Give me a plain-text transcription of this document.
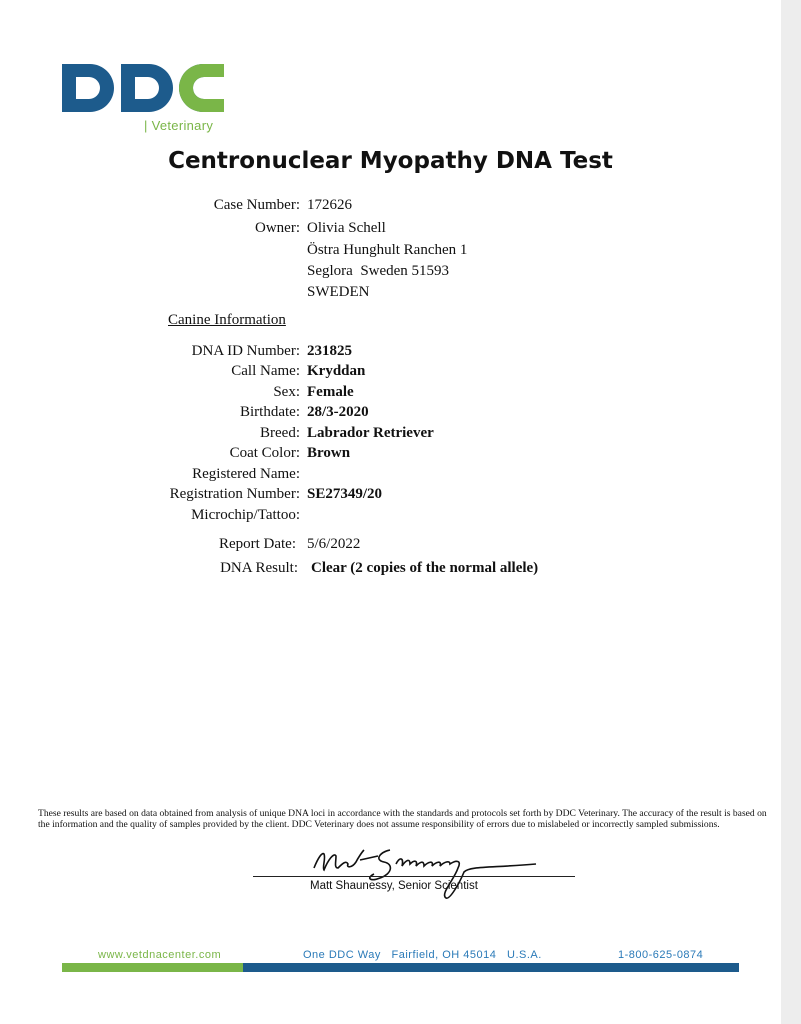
| Veterinary
Centronuclear Myopathy DNA Test
Case Number: 172626
Owner: Olivia Schell
Östra Hunghult Ranchen 1
Seglora  Sweden 51593
SWEDEN
Canine Information
DNA ID Number: 231825
Call Name: Kryddan
Sex: Female
Birthdate: 28/3-2020
Breed: Labrador Retriever
Coat Color: Brown
Registered Name:
Registration Number: SE27349/20
Microchip/Tattoo:
Report Date: 5/6/2022
DNA Result: Clear (2 copies of the normal allele)
These results are based on data obtained from analysis of unique DNA loci in accordance with the standards and protocols set forth by DDC Veterinary. The accuracy of the result is based on the information and the quality of samples provided by the client. DDC Veterinary does not assume responsibility of errors due to mislabeled or incorrectly sampled submissions.
Matt Shaunessy, Senior Scientist
www.vetdnacenter.com	One DDC Way   Fairfield, OH 45014   U.S.A.	1-800-625-0874
